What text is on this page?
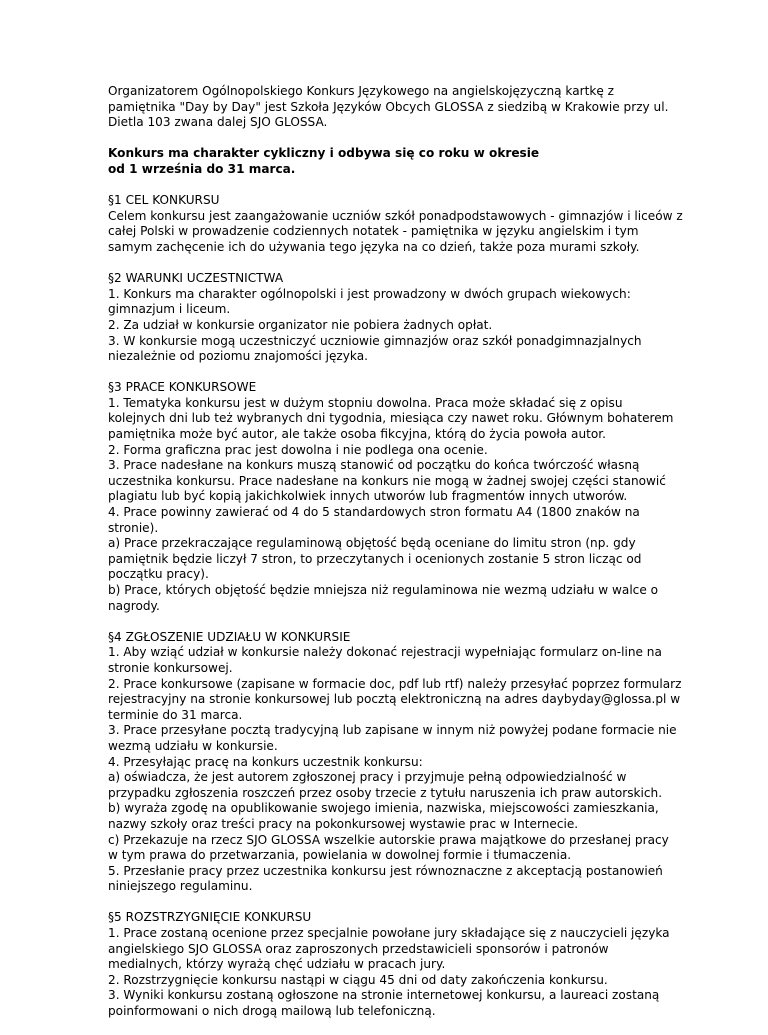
Organizatorem Ogólnopolskiego Konkurs Językowego na angielskojęzyczną kartkę z
pamiętnika "Day by Day" jest Szkoła Języków Obcych GLOSSA z siedzibą w Krakowie przy ul.
Dietla 103 zwana dalej SJO GLOSSA.

Konkurs ma charakter cykliczny i odbywa się co roku w okresie
od 1 września do 31 marca.

§1 CEL KONKURSU
Celem konkursu jest zaangażowanie uczniów szkół ponadpodstawowych - gimnazjów i liceów z
całej Polski w prowadzenie codziennych notatek - pamiętnika w języku angielskim i tym
samym zachęcenie ich do używania tego języka na co dzień, także poza murami szkoły.

§2 WARUNKI UCZESTNICTWA
1. Konkurs ma charakter ogólnopolski i jest prowadzony w dwóch grupach wiekowych:
gimnazjum i liceum.
2. Za udział w konkursie organizator nie pobiera żadnych opłat.
3. W konkursie mogą uczestniczyć uczniowie gimnazjów oraz szkół ponadgimnazjalnych
niezależnie od poziomu znajomości języka.

§3 PRACE KONKURSOWE
1. Tematyka konkursu jest w dużym stopniu dowolna. Praca może składać się z opisu
kolejnych dni lub też wybranych dni tygodnia, miesiąca czy nawet roku. Głównym bohaterem
pamiętnika może być autor, ale także osoba fikcyjna, którą do życia powoła autor.
2. Forma graficzna prac jest dowolna i nie podlega ona ocenie.
3. Prace nadesłane na konkurs muszą stanowić od początku do końca twórczość własną
uczestnika konkursu. Prace nadesłane na konkurs nie mogą w żadnej swojej części stanowić
plagiatu lub być kopią jakichkolwiek innych utworów lub fragmentów innych utworów.
4. Prace powinny zawierać od 4 do 5 standardowych stron formatu A4 (1800 znaków na
stronie).
a) Prace przekraczające regulaminową objętość będą oceniane do limitu stron (np. gdy
pamiętnik będzie liczył 7 stron, to przeczytanych i ocenionych zostanie 5 stron licząc od
początku pracy).
b) Prace, których objętość będzie mniejsza niż regulaminowa nie wezmą udziału w walce o
nagrody.

§4 ZGŁOSZENIE UDZIAŁU W KONKURSIE
1. Aby wziąć udział w konkursie należy dokonać rejestracji wypełniając formularz on-line na
stronie konkursowej.
2. Prace konkursowe (zapisane w formacie doc, pdf lub rtf) należy przesyłać poprzez formularz
rejestracyjny na stronie konkursowej lub pocztą elektroniczną na adres daybyday@glossa.pl w
terminie do 31 marca.
3. Prace przesyłane pocztą tradycyjną lub zapisane w innym niż powyżej podane formacie nie
wezmą udziału w konkursie.
4. Przesyłając pracę na konkurs uczestnik konkursu:
a) oświadcza, że jest autorem zgłoszonej pracy i przyjmuje pełną odpowiedzialność w
przypadku zgłoszenia roszczeń przez osoby trzecie z tytułu naruszenia ich praw autorskich.
b) wyraża zgodę na opublikowanie swojego imienia, nazwiska, miejscowości zamieszkania,
nazwy szkoły oraz treści pracy na pokonkursowej wystawie prac w Internecie.
c) Przekazuje na rzecz SJO GLOSSA wszelkie autorskie prawa majątkowe do przesłanej pracy
w tym prawa do przetwarzania, powielania w dowolnej formie i tłumaczenia.
5. Przesłanie pracy przez uczestnika konkursu jest równoznaczne z akceptacją postanowień
niniejszego regulaminu.

§5 ROZSTRZYGNIĘCIE KONKURSU
1. Prace zostaną ocenione przez specjalnie powołane jury składające się z nauczycieli języka
angielskiego SJO GLOSSA oraz zaproszonych przedstawicieli sponsorów i patronów
medialnych, którzy wyrażą chęć udziału w pracach jury.
2. Rozstrzygnięcie konkursu nastąpi w ciągu 45 dni od daty zakończenia konkursu.
3. Wyniki konkursu zostaną ogłoszone na stronie internetowej konkursu, a laureaci zostaną
poinformowani o nich drogą mailową lub telefoniczną.
